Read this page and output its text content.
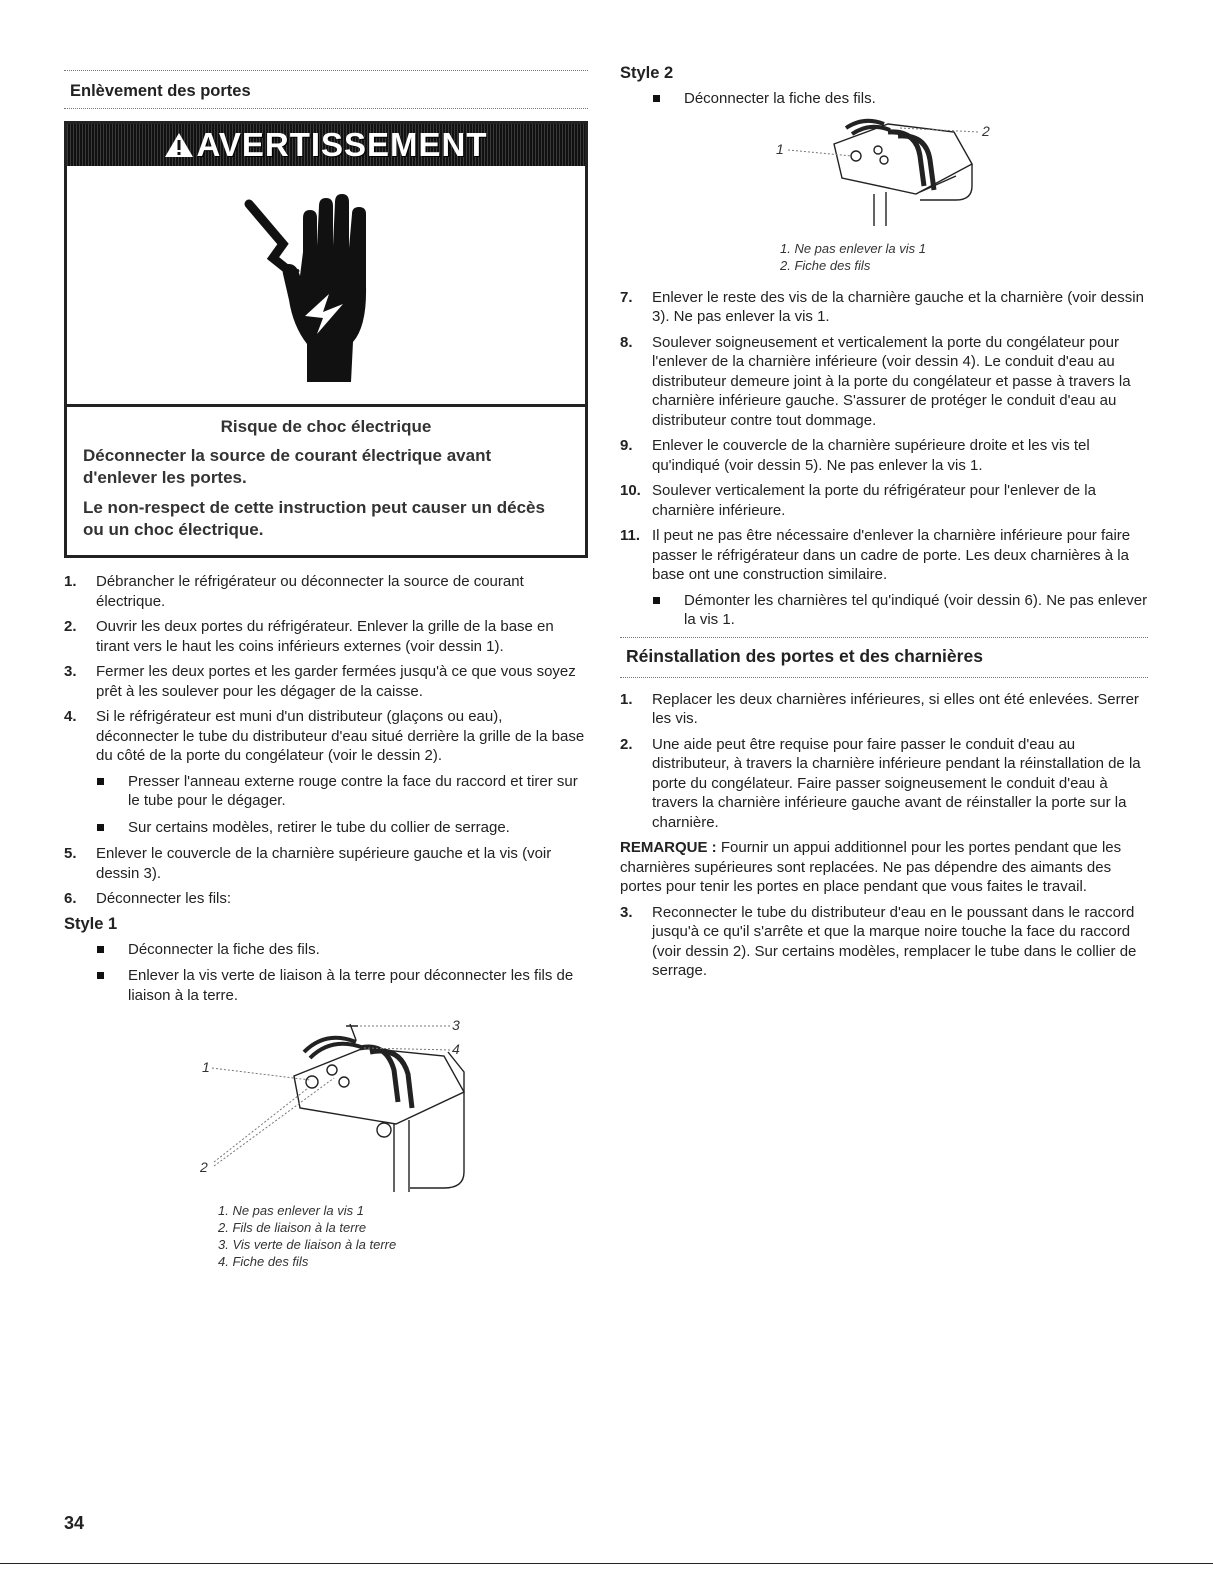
Enlèvement des portes
AVERTISSEMENT
Risque de choc électrique
Déconnecter la source de courant électrique avant d'enlever les portes.
Le non-respect de cette instruction peut causer un décès ou un choc électrique.
1. Débrancher le réfrigérateur ou déconnecter la source de courant électrique.
2. Ouvrir les deux portes du réfrigérateur. Enlever la grille de la base en tirant vers le haut les coins inférieurs externes (voir dessin 1).
3. Fermer les deux portes et les garder fermées jusqu'à ce que vous soyez prêt à les soulever pour les dégager de la caisse.
4. Si le réfrigérateur est muni d'un distributeur (glaçons ou eau), déconnecter le tube du distributeur d'eau situé derrière la grille de la base du côté de la porte du congélateur (voir le dessin 2).
Presser l'anneau externe rouge contre la face du raccord et tirer sur le tube pour le dégager.
Sur certains modèles, retirer le tube du collier de serrage.
5. Enlever le couvercle de la charnière supérieure gauche et la vis (voir dessin 3).
6. Déconnecter les fils:
Style 1
Déconnecter la fiche des fils.
Enlever la vis verte de liaison à la terre pour déconnecter les fils de liaison à la terre.
1
2
3
4
1. Ne pas enlever la vis 1
2. Fils de liaison à la terre
3. Vis verte de liaison à la terre
4. Fiche des fils
Style 2
Déconnecter la fiche des fils.
1
2
1. Ne pas enlever la vis 1
2. Fiche des fils
7. Enlever le reste des vis de la charnière gauche et la charnière (voir dessin 3). Ne pas enlever la vis 1.
8. Soulever soigneusement et verticalement la porte du congélateur pour l'enlever de la charnière inférieure (voir dessin 4). Le conduit d'eau au distributeur demeure joint à la porte du congélateur et passe à travers la charnière inférieure gauche. S'assurer de protéger le conduit d'eau au distributeur contre tout dommage.
9. Enlever le couvercle de la charnière supérieure droite et les vis tel qu'indiqué (voir dessin 5). Ne pas enlever la vis 1.
10. Soulever verticalement la porte du réfrigérateur pour l'enlever de la charnière inférieure.
11. Il peut ne pas être nécessaire d'enlever la charnière inférieure pour faire passer le réfrigérateur dans un cadre de porte. Les deux charnières à la base ont une construction similaire.
Démonter les charnières tel qu'indiqué (voir dessin 6). Ne pas enlever la vis 1.
Réinstallation des portes et des charnières
1. Replacer les deux charnières inférieures, si elles ont été enlevées. Serrer les vis.
2. Une aide peut être requise pour faire passer le conduit d'eau au distributeur, à travers la charnière inférieure pendant la réinstallation de la porte du congélateur. Faire passer soigneusement le conduit d'eau à travers la charnière inférieure gauche avant de réinstaller la porte sur la charnière.
REMARQUE : Fournir un appui additionnel pour les portes pendant que les charnières supérieures sont replacées. Ne pas dépendre des aimants des portes pour tenir les portes en place pendant que vous faites le travail.
3. Reconnecter le tube du distributeur d'eau en le poussant dans le raccord jusqu'à ce qu'il s'arrête et que la marque noire touche la face du raccord (voir dessin 2). Sur certains modèles, remplacer le tube dans le collier de serrage.
34
